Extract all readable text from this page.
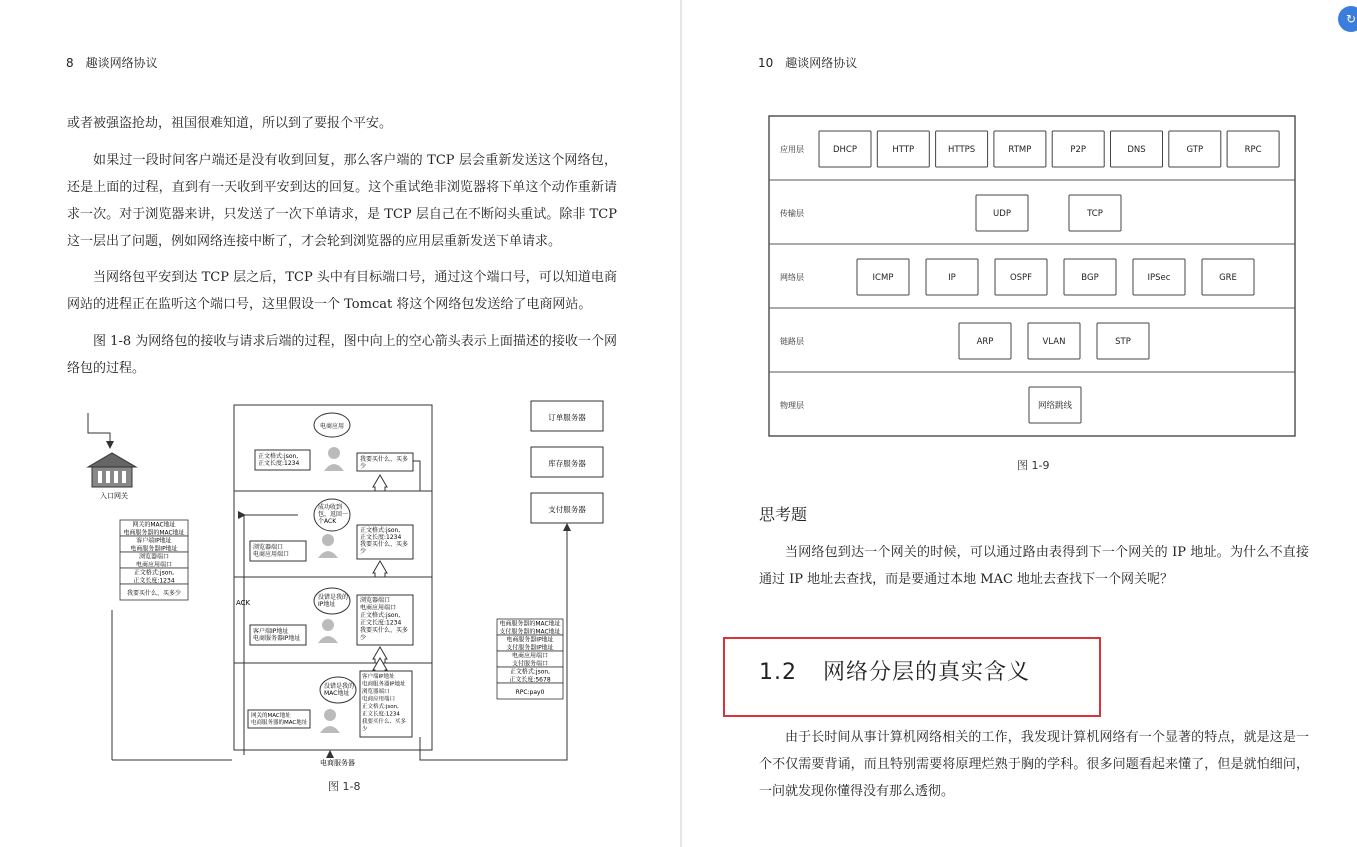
8 趣谈网络协议

或者被强盗抢劫，祖国很难知道，所以到了要报个平安。

如果过一段时间客户端还是没有收到回复，那么客户端的 TCP 层会重新发送这个网络包，还是上面的过程，直到有一天收到平安到达的回复。这个重试绝非浏览器将下单这个动作重新请求一次。对于浏览器来讲，只发送了一次下单请求，是 TCP 层自己在不断闷头重试。除非 TCP 这一层出了问题，例如网络连接中断了，才会轮到浏览器的应用层重新发送下单请求。

当网络包平安到达 TCP 层之后，TCP 头中有目标端口号，通过这个端口号，可以知道电商网站的进程正在监听这个端口号，这里假设一个 Tomcat 将这个网络包发送给了电商网站。

图 1-8 为网络包的接收与请求后端的过程，图中向上的空心箭头表示上面描述的接收一个网络包的过程。

入口网关
网关的MAC地址
电商服务器的MAC地址
客户端IP地址
电商服务器IP地址
浏览器端口
电商应用端口
正文格式:json,
正文长度:1234
我要买什么、买多少
电商服务器
ACK
电商应用
正文格式:json,正文长度:1234
我要买什么、买多少
成功收到包，返回一个ACK
浏览器端口电商应用端口
正文格式:json,正文长度:1234 我要买什么、买多少
没错是我的 IP地址
客户端IP地址电商服务器IP地址
浏览器端口电商应用端口正文格式:json,正文长度:1234 我要买什么、买多少
没错是我的 MAC地址
网关的MAC地址电商服务器的MAC地址
客户端IP地址电商服务器IP地址浏览器端口电商应用端口正文格式:json,正文长度:1234 我要买什么、买多少
订单服务器
库存服务器
支付服务器
电商服务器的MAC地址
支付服务器的MAC地址
电商服务器IP地址
支付服务器IP地址
电商应用端口
支付服务端口
正文格式:json,
正文长度:5678
RPC:pay0
图 1-8
10 趣谈网络协议
应用层	DHCP	HTTP	HTTPS	RTMP	P2P	DNS	GTP	RPC
传输层	UDP	TCP
网络层	ICMP	IP	OSPF	BGP	IPSec	GRE
链路层	ARP	VLAN	STP
物理层	网络跳线
图 1-9
思考题

当网络包到达一个网关的时候，可以通过路由表得到下一个网关的 IP 地址。为什么不直接通过 IP 地址去查找，而是要通过本地 MAC 地址去查找下一个网关呢？

1.2 网络分层的真实含义

由于长时间从事计算机网络相关的工作，我发现计算机网络有一个显著的特点，就是这是一个不仅需要背诵，而且特别需要将原理烂熟于胸的学科。很多问题看起来懂了，但是就怕细问，一问就发现你懂得没有那么透彻。

↻
